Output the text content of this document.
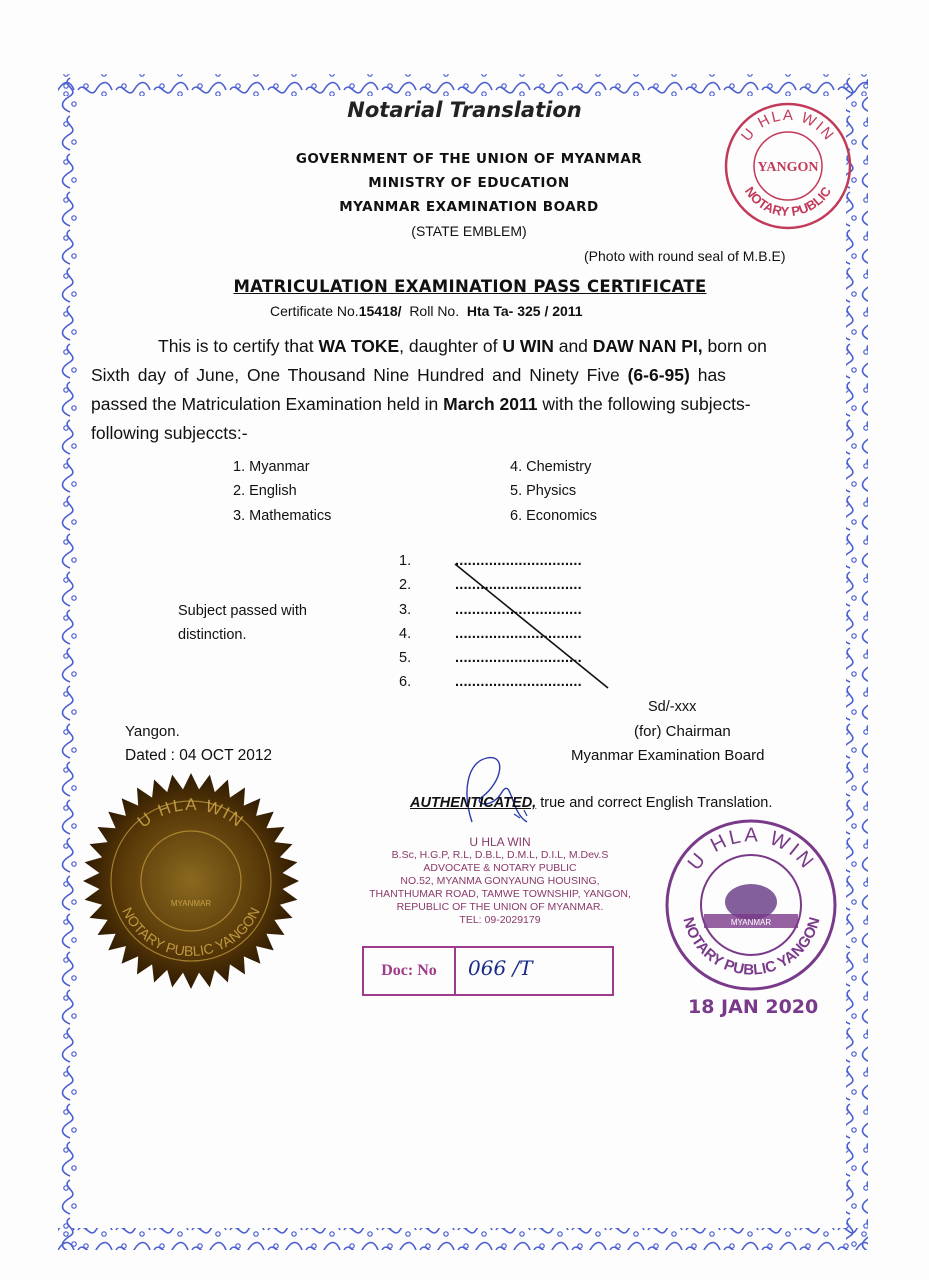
Notarial Translation
GOVERNMENT OF THE UNION OF MYANMAR
MINISTRY OF EDUCATION
MYANMAR EXAMINATION BOARD
(STATE EMBLEM)
(Photo with round seal of M.B.E)
U HLA WIN
NOTARY PUBLIC
YANGON
MATRICULATION EXAMINATION PASS CERTIFICATE
Certificate No.15418/ Roll No. Hta Ta- 325 / 2011
This is to certify that WA TOKE, daughter of U WIN and DAW NAN PI, born on
Sixth day of June, One Thousand Nine Hundred and Ninety Five (6-6-95) has
passed the Matriculation Examination held in March 2011 with the following subjects-
following subjeccts:-
1. Myanmar
2. English
3. Mathematics
4. Chemistry
5. Physics
6. Economics
Subject passed with
distinction.
1.
2.
3.
4.
5.
6.
..............................
..............................
..............................
..............................
..............................
..............................
Sd/-xxx
Yangon.	(for) Chairman
Dated : 04 OCT 2012	Myanmar Examination Board
AUTHENTICATED, true and correct English Translation.
U HLA WIN
B.Sc, H.G.P, R.L, D.B.L, D.M.L, D.I.L, M.Dev.S
ADVOCATE & NOTARY PUBLIC
NO.52, MYANMA GONYAUNG HOUSING,
THANTHUMAR ROAD, TAMWE TOWNSHIP, YANGON,
REPUBLIC OF THE UNION OF MYANMAR.
TEL: 09-2029179
Doc: No	066 /T
MYANMAR
U HLA WIN
NOTARY PUBLIC YANGON
18 JAN 2020
U HLA WIN
NOTARY PUBLIC YANGON
MYANMAR
